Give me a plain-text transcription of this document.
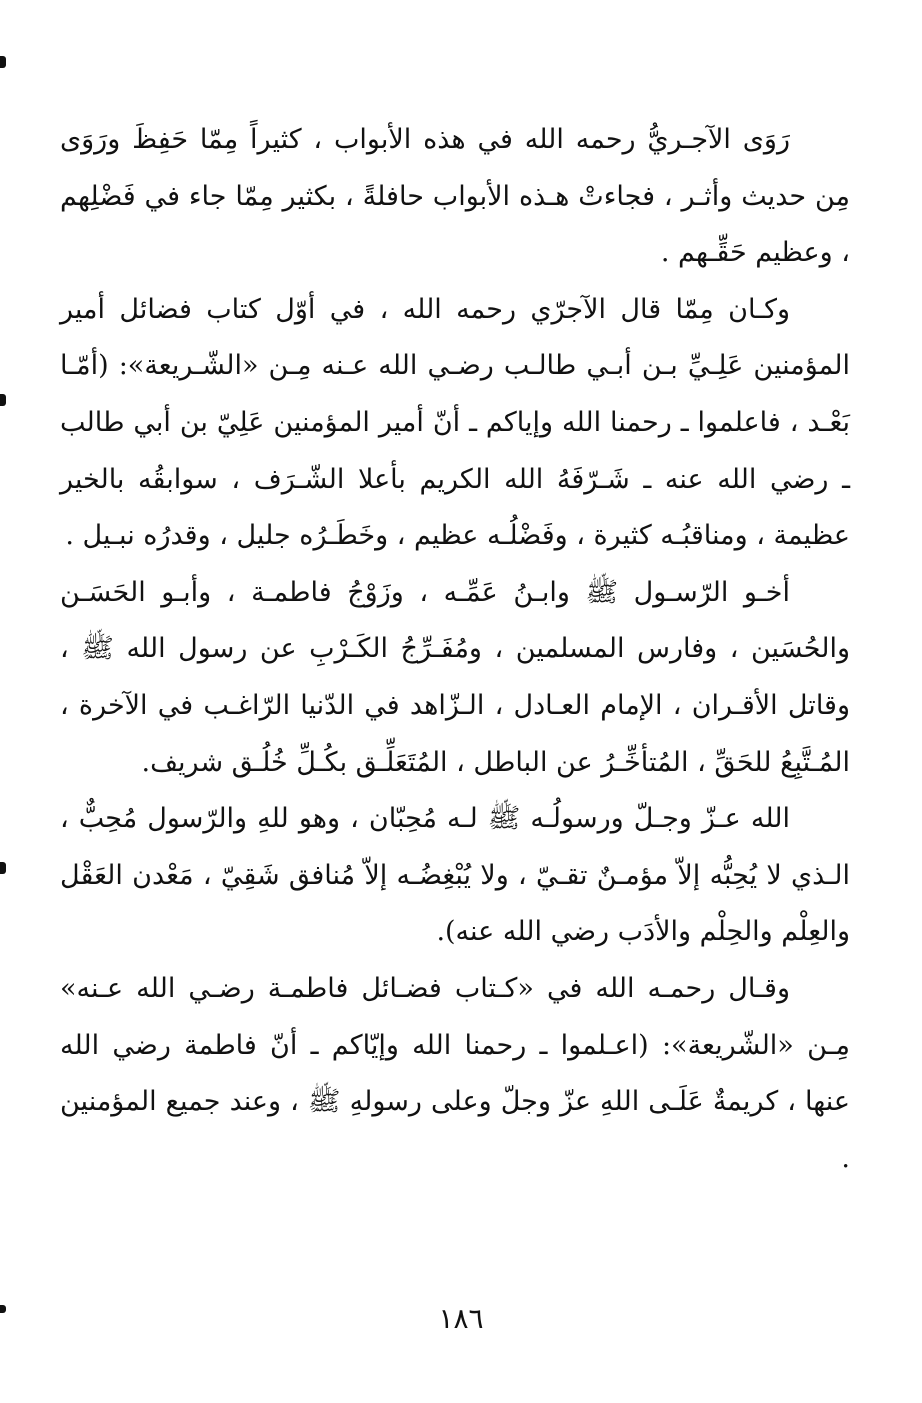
رَوَى الآجـريُّ رحمه الله في هذه الأبواب ، كثيراً مِمّا حَفِظَ ورَوَى مِن حديث وأثـر ، فجاءتْ هـذه الأبواب حافلةً ، بكثير مِمّا جاء في فَضْلِهم ، وعظيم حَقِّـهم .

وكـان مِمّا قال الآجرّي رحمه الله ، في أوّل كتاب فضائل أمير المؤمنين عَلِـيِّ بـن أبـي طالـب رضـي الله عـنه مِـن «الشّـريعة»: (أمّـا بَعْـد ، فاعلموا ـ رحمنا الله وإياكم ـ أنّ أمير المؤمنين عَلِيّ بن أبي طالب ـ رضي الله عنه ـ شَـرّفَهُ الله الكريم بأعلا الشّـرَف ، سوابقُه بالخير عظيمة ، ومناقبُـه كثيرة ، وفَضْلُـه عظيم ، وخَطَـرُه جليل ، وقدرُه نبـيل .

أخـو الرّسـول ﷺ وابـنُ عَمِّـه ، وزَوْجُ فاطمـة ، وأبـو الحَسَـن والحُسَين ، وفارس المسلمين ، ومُفَـرِّجُ الكَـرْبِ عن رسول الله ﷺ ، وقاتل الأقـران ، الإمام العـادل ، الـزّاهد في الدّنيا الرّاغـب في الآخرة ، المُـتَّبِعُ للحَقِّ ، المُتأخِّـرُ عن الباطل ، المُتَعَلِّـق بكُـلِّ خُلُـق شريف.

الله عـزّ وجـلّ ورسولُـه ﷺ لـه مُحِبّان ، وهو للهِ والرّسول مُحِبٌّ ، الـذي لا يُحِبُّه إلاّ مؤمـنٌ تقـيّ ، ولا يُبْغِضُـه إلاّ مُنافق شَقِيّ ، مَعْدن العَقْل والعِلْم والحِلْم والأدَب رضي الله عنه).

وقـال رحمـه الله في «كـتاب فضـائل فاطمـة رضـي الله عـنه» مِـن «الشّريعة»: (اعـلموا ـ رحمنا الله وإيّاكم ـ أنّ فاطمة رضي الله عنها ، كريمةٌ عَلَـى اللهِ عزّ وجلّ وعلى رسولهِ ﷺ ، وعند جميع المؤمنين .

١٨٦
